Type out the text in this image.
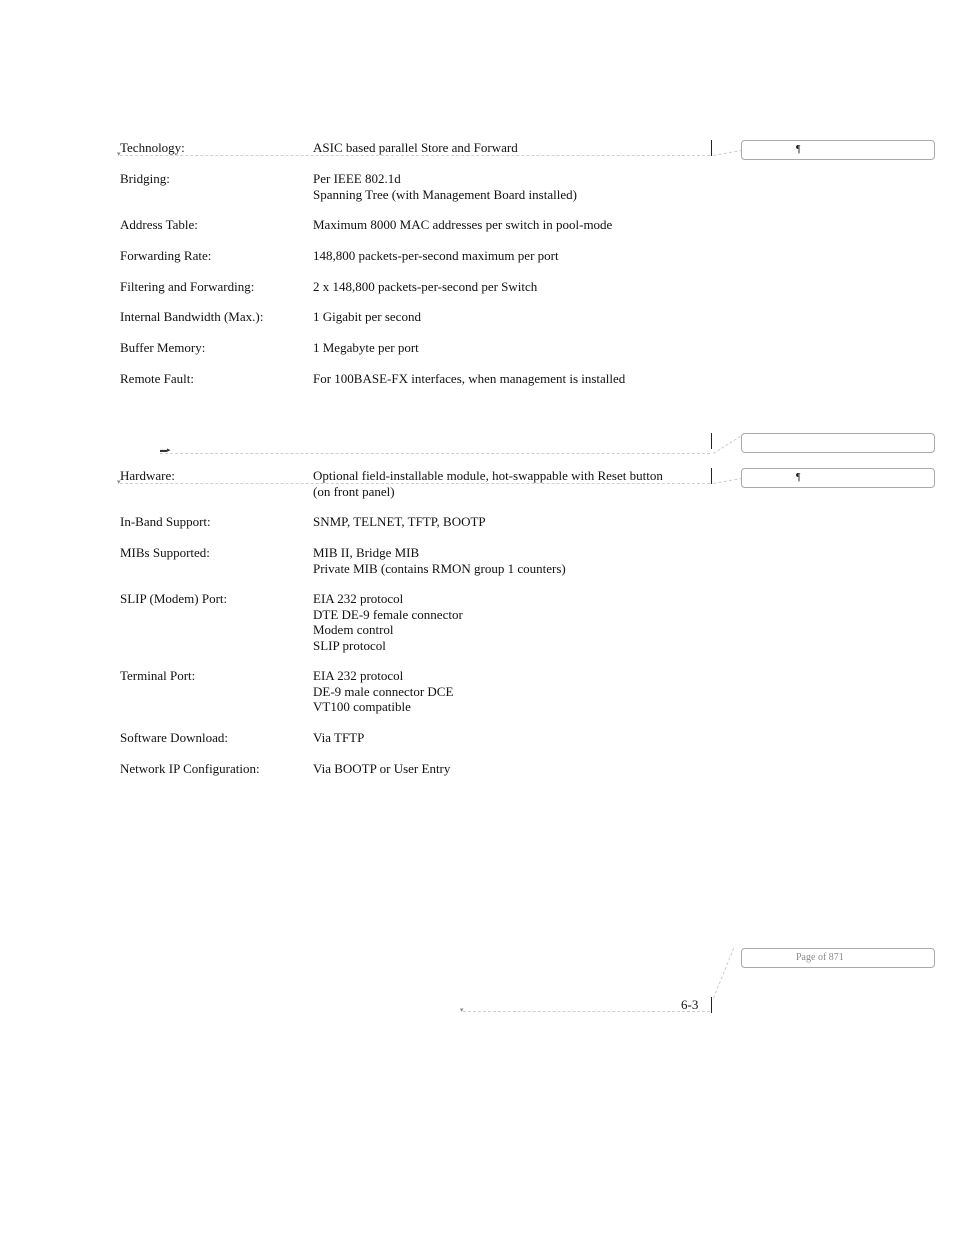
Technology:	ASIC based parallel Store and Forward
Bridging:	Per IEEE 802.1d
Spanning Tree (with Management Board installed)
Address Table:	Maximum 8000 MAC addresses per switch in pool-mode
Forwarding Rate:	148,800 packets-per-second maximum per port
Filtering and Forwarding:	2 x 148,800 packets-per-second per Switch
Internal Bandwidth (Max.):	1 Gigabit per second
Buffer Memory:	1 Megabyte per port
Remote Fault:	For 100BASE-FX interfaces, when management is installed
Hardware:	Optional field-installable module, hot-swappable with Reset button
(on front panel)
In-Band Support:	SNMP, TELNET, TFTP, BOOTP
MIBs Supported:	MIB II, Bridge MIB
Private MIB (contains RMON group 1 counters)
SLIP (Modem) Port:	EIA 232 protocol
DTE DE-9 female connector
Modem control
SLIP protocol
Terminal Port:	EIA 232 protocol
DE-9 male connector DCE
VT100 compatible
Software Download:	Via TFTP
Network IP Configuration:	Via BOOTP or User Entry
▾	¶
▬▸
▾	¶
Page of 871
▾	6-3
